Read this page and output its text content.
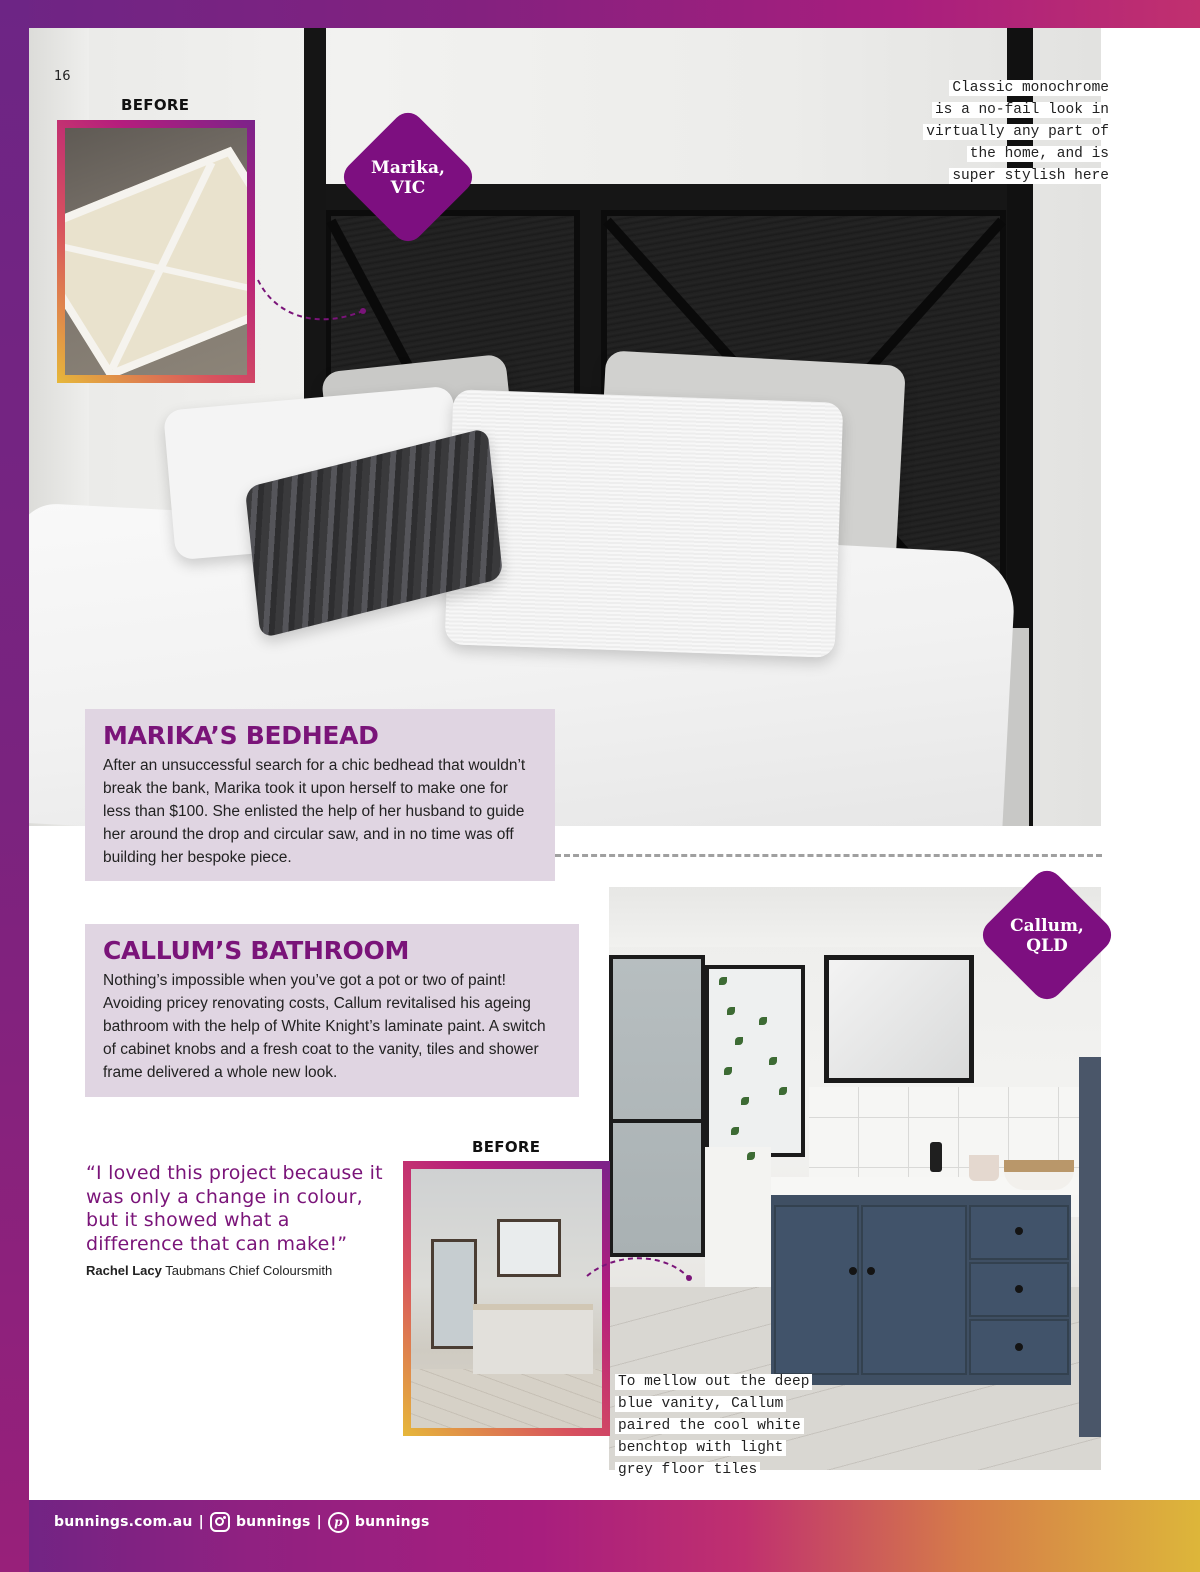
16
Marika,
VIC
BEFORE
Classic monochrome
is a no-fail look in
virtually any part of
the home, and is
super stylish here
MARIKA’S BEDHEAD

After an unsuccessful search for a chic bedhead that wouldn’t break the bank, Marika took it upon herself to make one for less than $100. She enlisted the help of her husband to guide her around the drop and circular saw, and in no time was off building her bespoke piece.

Callum,
QLD
CALLUM’S BATHROOM

Nothing’s impossible when you’ve got a pot or two of paint! Avoiding pricey renovating costs, Callum revitalised his ageing bathroom with the help of White Knight’s laminate paint. A switch of cabinet knobs and a fresh coat to the vanity, tiles and shower frame delivered a whole new look.

“I loved this project because it was only a change in colour, but it showed what a difference that can make!”
Rachel Lacy Taubmans Chief Coloursmith
BEFORE
To mellow out the deep
blue vanity, Callum
paired the cool white
benchtop with light
grey floor tiles
bunnings.com.au | bunnings |	p bunnings
